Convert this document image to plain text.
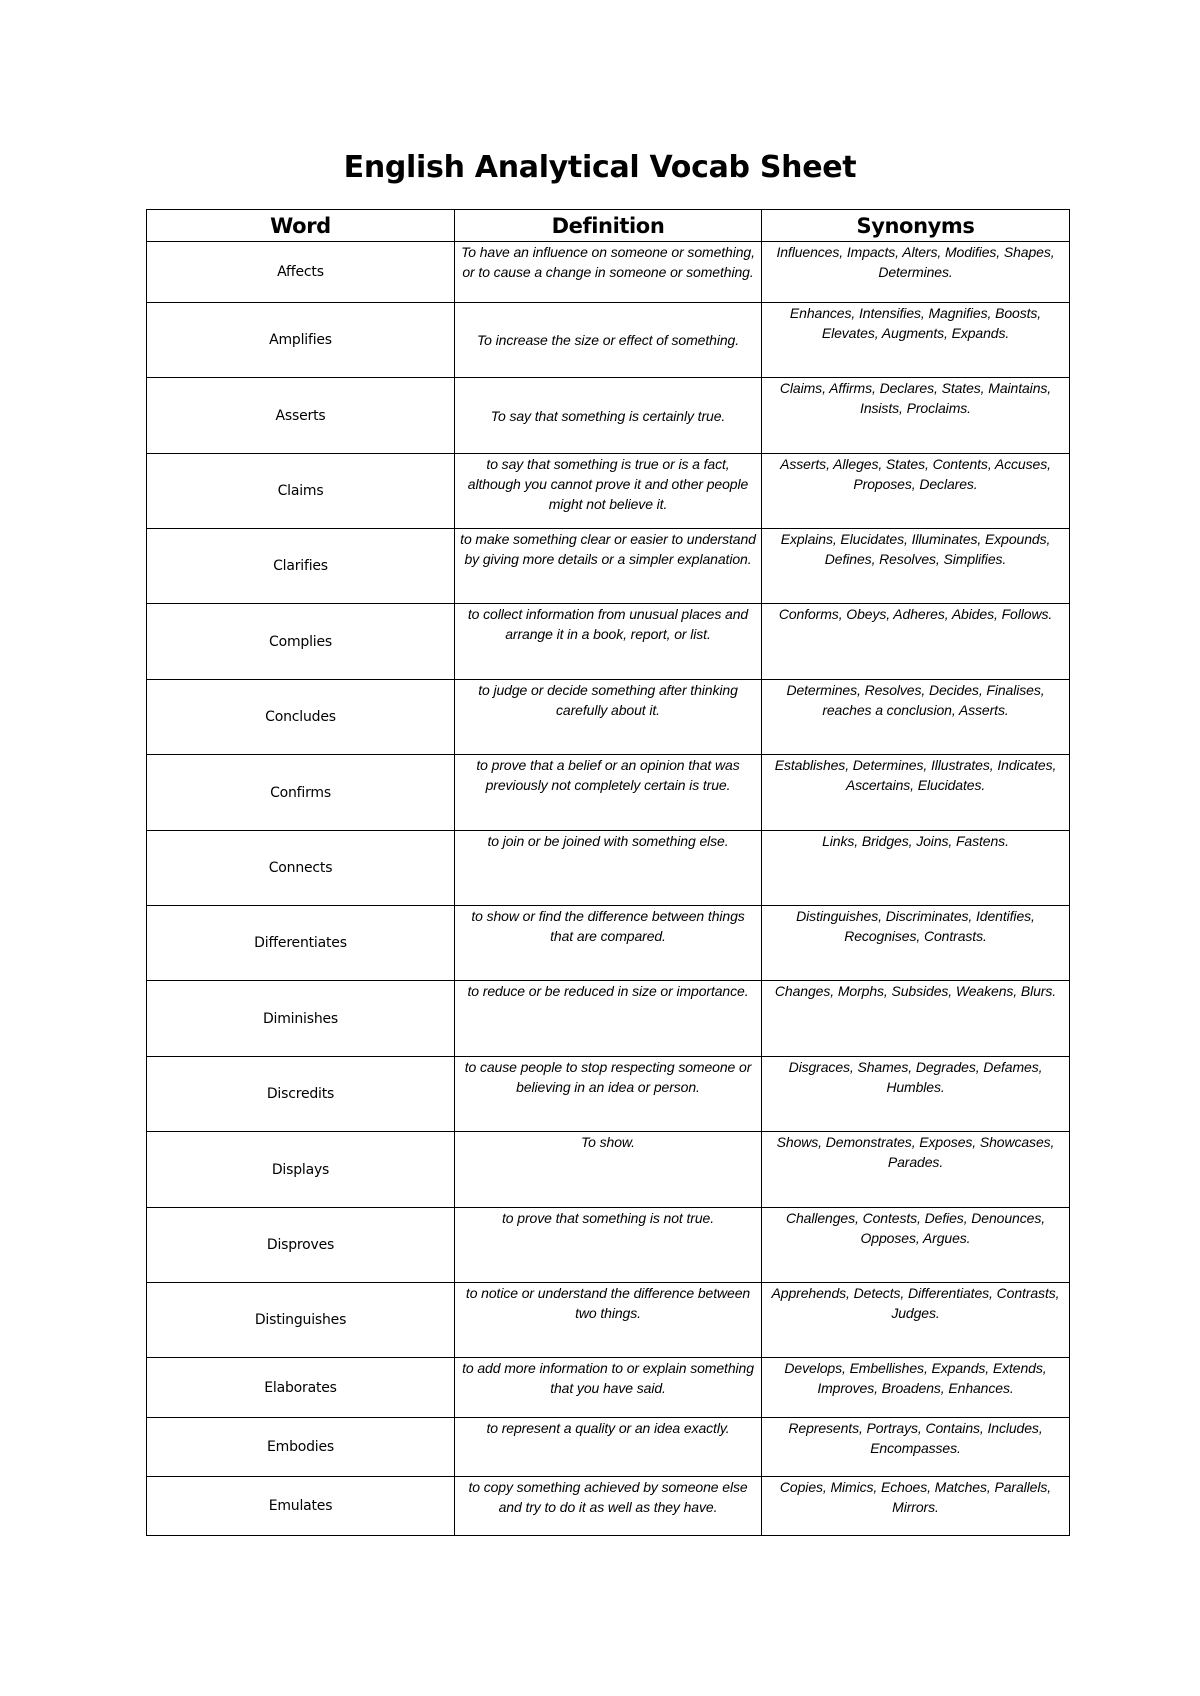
English Analytical Vocab Sheet
Word	Definition	Synonyms
Affects	To have an influence on someone or something, or to cause a change in someone or something.	Influences, Impacts, Alters, Modifies, Shapes, Determines.
Amplifies	To increase the size or effect of something.	Enhances, Intensifies, Magnifies, Boosts, Elevates, Augments, Expands.
Asserts	To say that something is certainly true.	Claims, Affirms, Declares, States, Maintains, Insists, Proclaims.
Claims	to say that something is true or is a fact, although you cannot prove it and other people might not believe it.	Asserts, Alleges, States, Contents, Accuses, Proposes, Declares.
Clarifies	to make something clear or easier to understand by giving more details or a simpler explanation.	Explains, Elucidates, Illuminates, Expounds, Defines, Resolves, Simplifies.
Complies	to collect information from unusual places and arrange it in a book, report, or list.	Conforms, Obeys, Adheres, Abides, Follows.
Concludes	to judge or decide something after thinking carefully about it.	Determines, Resolves, Decides, Finalises, reaches a conclusion, Asserts.
Confirms	to prove that a belief or an opinion that was previously not completely certain is true.	Establishes, Determines, Illustrates, Indicates, Ascertains, Elucidates.
Connects	to join or be joined with something else.	Links, Bridges, Joins, Fastens.
Differentiates	to show or find the difference between things that are compared.	Distinguishes, Discriminates, Identifies, Recognises, Contrasts.
Diminishes	to reduce or be reduced in size or importance.	Changes, Morphs, Subsides, Weakens, Blurs.
Discredits	to cause people to stop respecting someone or believing in an idea or person.	Disgraces, Shames, Degrades, Defames, Humbles.
Displays	To show.	Shows, Demonstrates, Exposes, Showcases, Parades.
Disproves	to prove that something is not true.	Challenges, Contests, Defies, Denounces, Opposes, Argues.
Distinguishes	to notice or understand the difference between two things.	Apprehends, Detects, Differentiates, Contrasts, Judges.
Elaborates	to add more information to or explain something that you have said.	Develops, Embellishes, Expands, Extends, Improves, Broadens, Enhances.
Embodies	to represent a quality or an idea exactly.	Represents, Portrays, Contains, Includes, Encompasses.
Emulates	to copy something achieved by someone else and try to do it as well as they have.	Copies, Mimics, Echoes, Matches, Parallels, Mirrors.
